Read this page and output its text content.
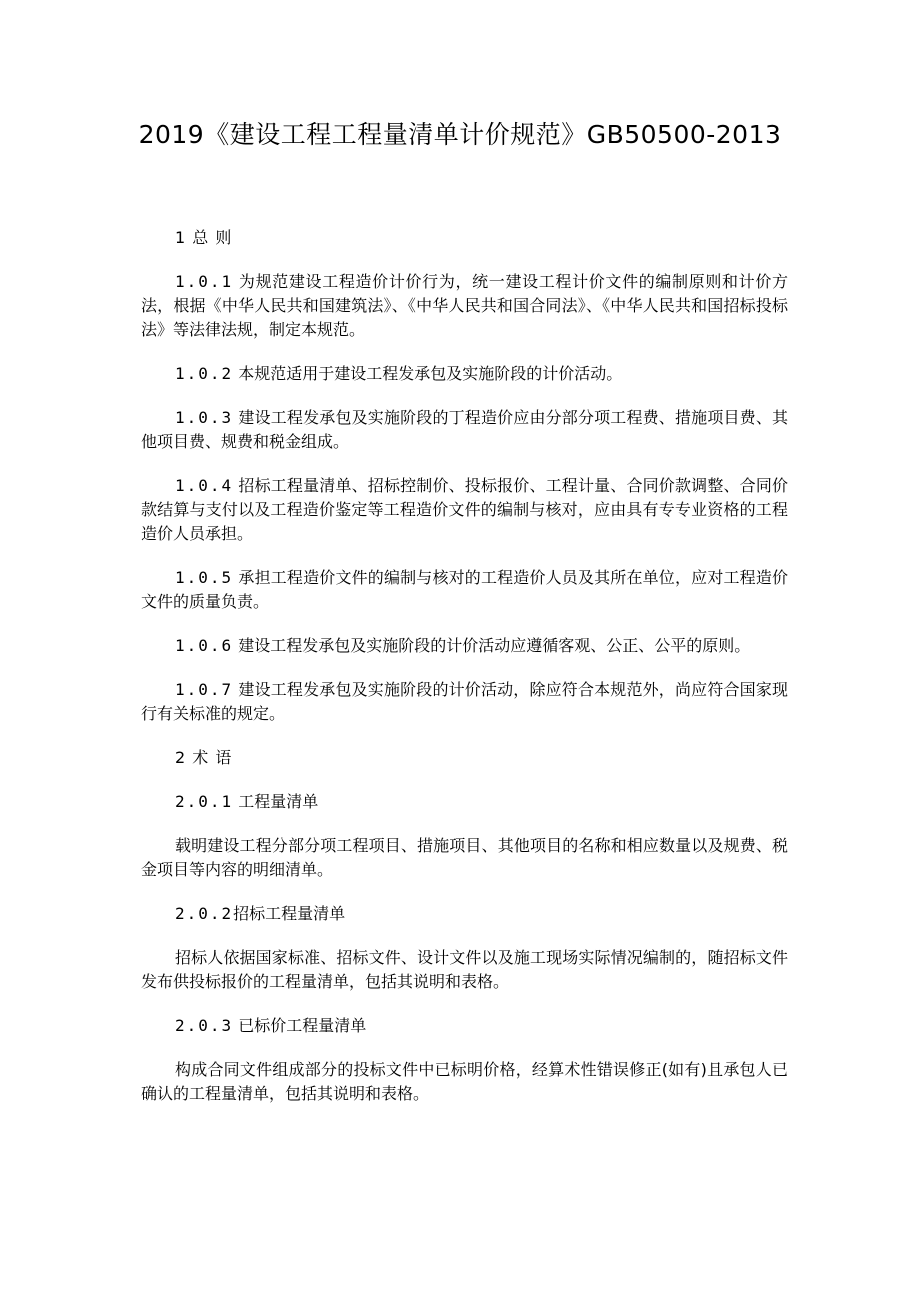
2019《建设工程工程量清单计价规范》GB50500-2013

1 总 则

1.0.1 为规范建设工程造价计价行为，统一建设工程计价文件的编制原则和计价方法，根据《中华人民共和国建筑法》、《中华人民共和国合同法》、《中华人民共和国招标投标法》等法律法规，制定本规范。

1.0.2 本规范适用于建设工程发承包及实施阶段的计价活动。

1.0.3 建设工程发承包及实施阶段的丁程造价应由分部分项工程费、措施项目费、其他项目费、规费和税金组成。

1.0.4 招标工程量清单、招标控制价、投标报价、工程计量、合同价款调整、合同价款结算与支付以及工程造价鉴定等工程造价文件的编制与核对，应由具有专专业资格的工程造价人员承担。

1.0.5 承担工程造价文件的编制与核对的工程造价人员及其所在单位，应对工程造价文件的质量负责。

1.0.6 建设工程发承包及实施阶段的计价活动应遵循客观、公正、公平的原则。

1.0.7 建设工程发承包及实施阶段的计价活动，除应符合本规范外，尚应符合国家现行有关标准的规定。

2 术 语

2.0.1 工程量清单

载明建设工程分部分项工程项目、措施项目、其他项目的名称和相应数量以及规费、税金项目等内容的明细清单。

2.0.2招标工程量清单

招标人依据国家标准、招标文件、设计文件以及施工现场实际情况编制的，随招标文件发布供投标报价的工程量清单，包括其说明和表格。

2.0.3 已标价工程量清单

构成合同文件组成部分的投标文件中已标明价格，经算术性错误修正(如有)且承包人已确认的工程量清单，包括其说明和表格。
